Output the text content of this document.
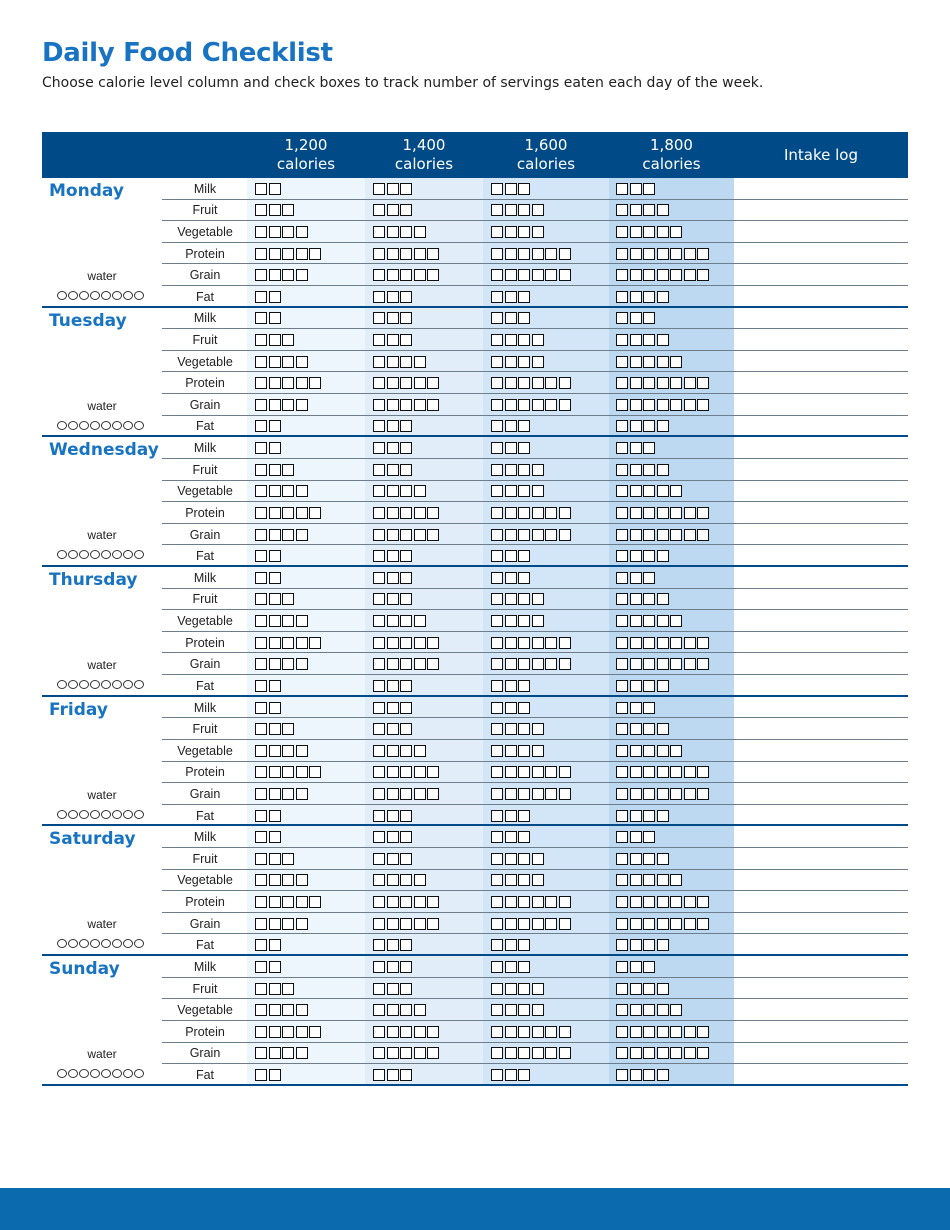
Daily Food Checklist
Choose calorie level column and check boxes to track number of servings eaten each day of the week.
1,200
calories
1,400
calories
1,600
calories
1,800
calories
Intake log
Monday
water
Milk
Fruit
Vegetable
Protein
Grain
Fat
Tuesday
water
Milk
Fruit
Vegetable
Protein
Grain
Fat
Wednesday
water
Milk
Fruit
Vegetable
Protein
Grain
Fat
Thursday
water
Milk
Fruit
Vegetable
Protein
Grain
Fat
Friday
water
Milk
Fruit
Vegetable
Protein
Grain
Fat
Saturday
water
Milk
Fruit
Vegetable
Protein
Grain
Fat
Sunday
water
Milk
Fruit
Vegetable
Protein
Grain
Fat
